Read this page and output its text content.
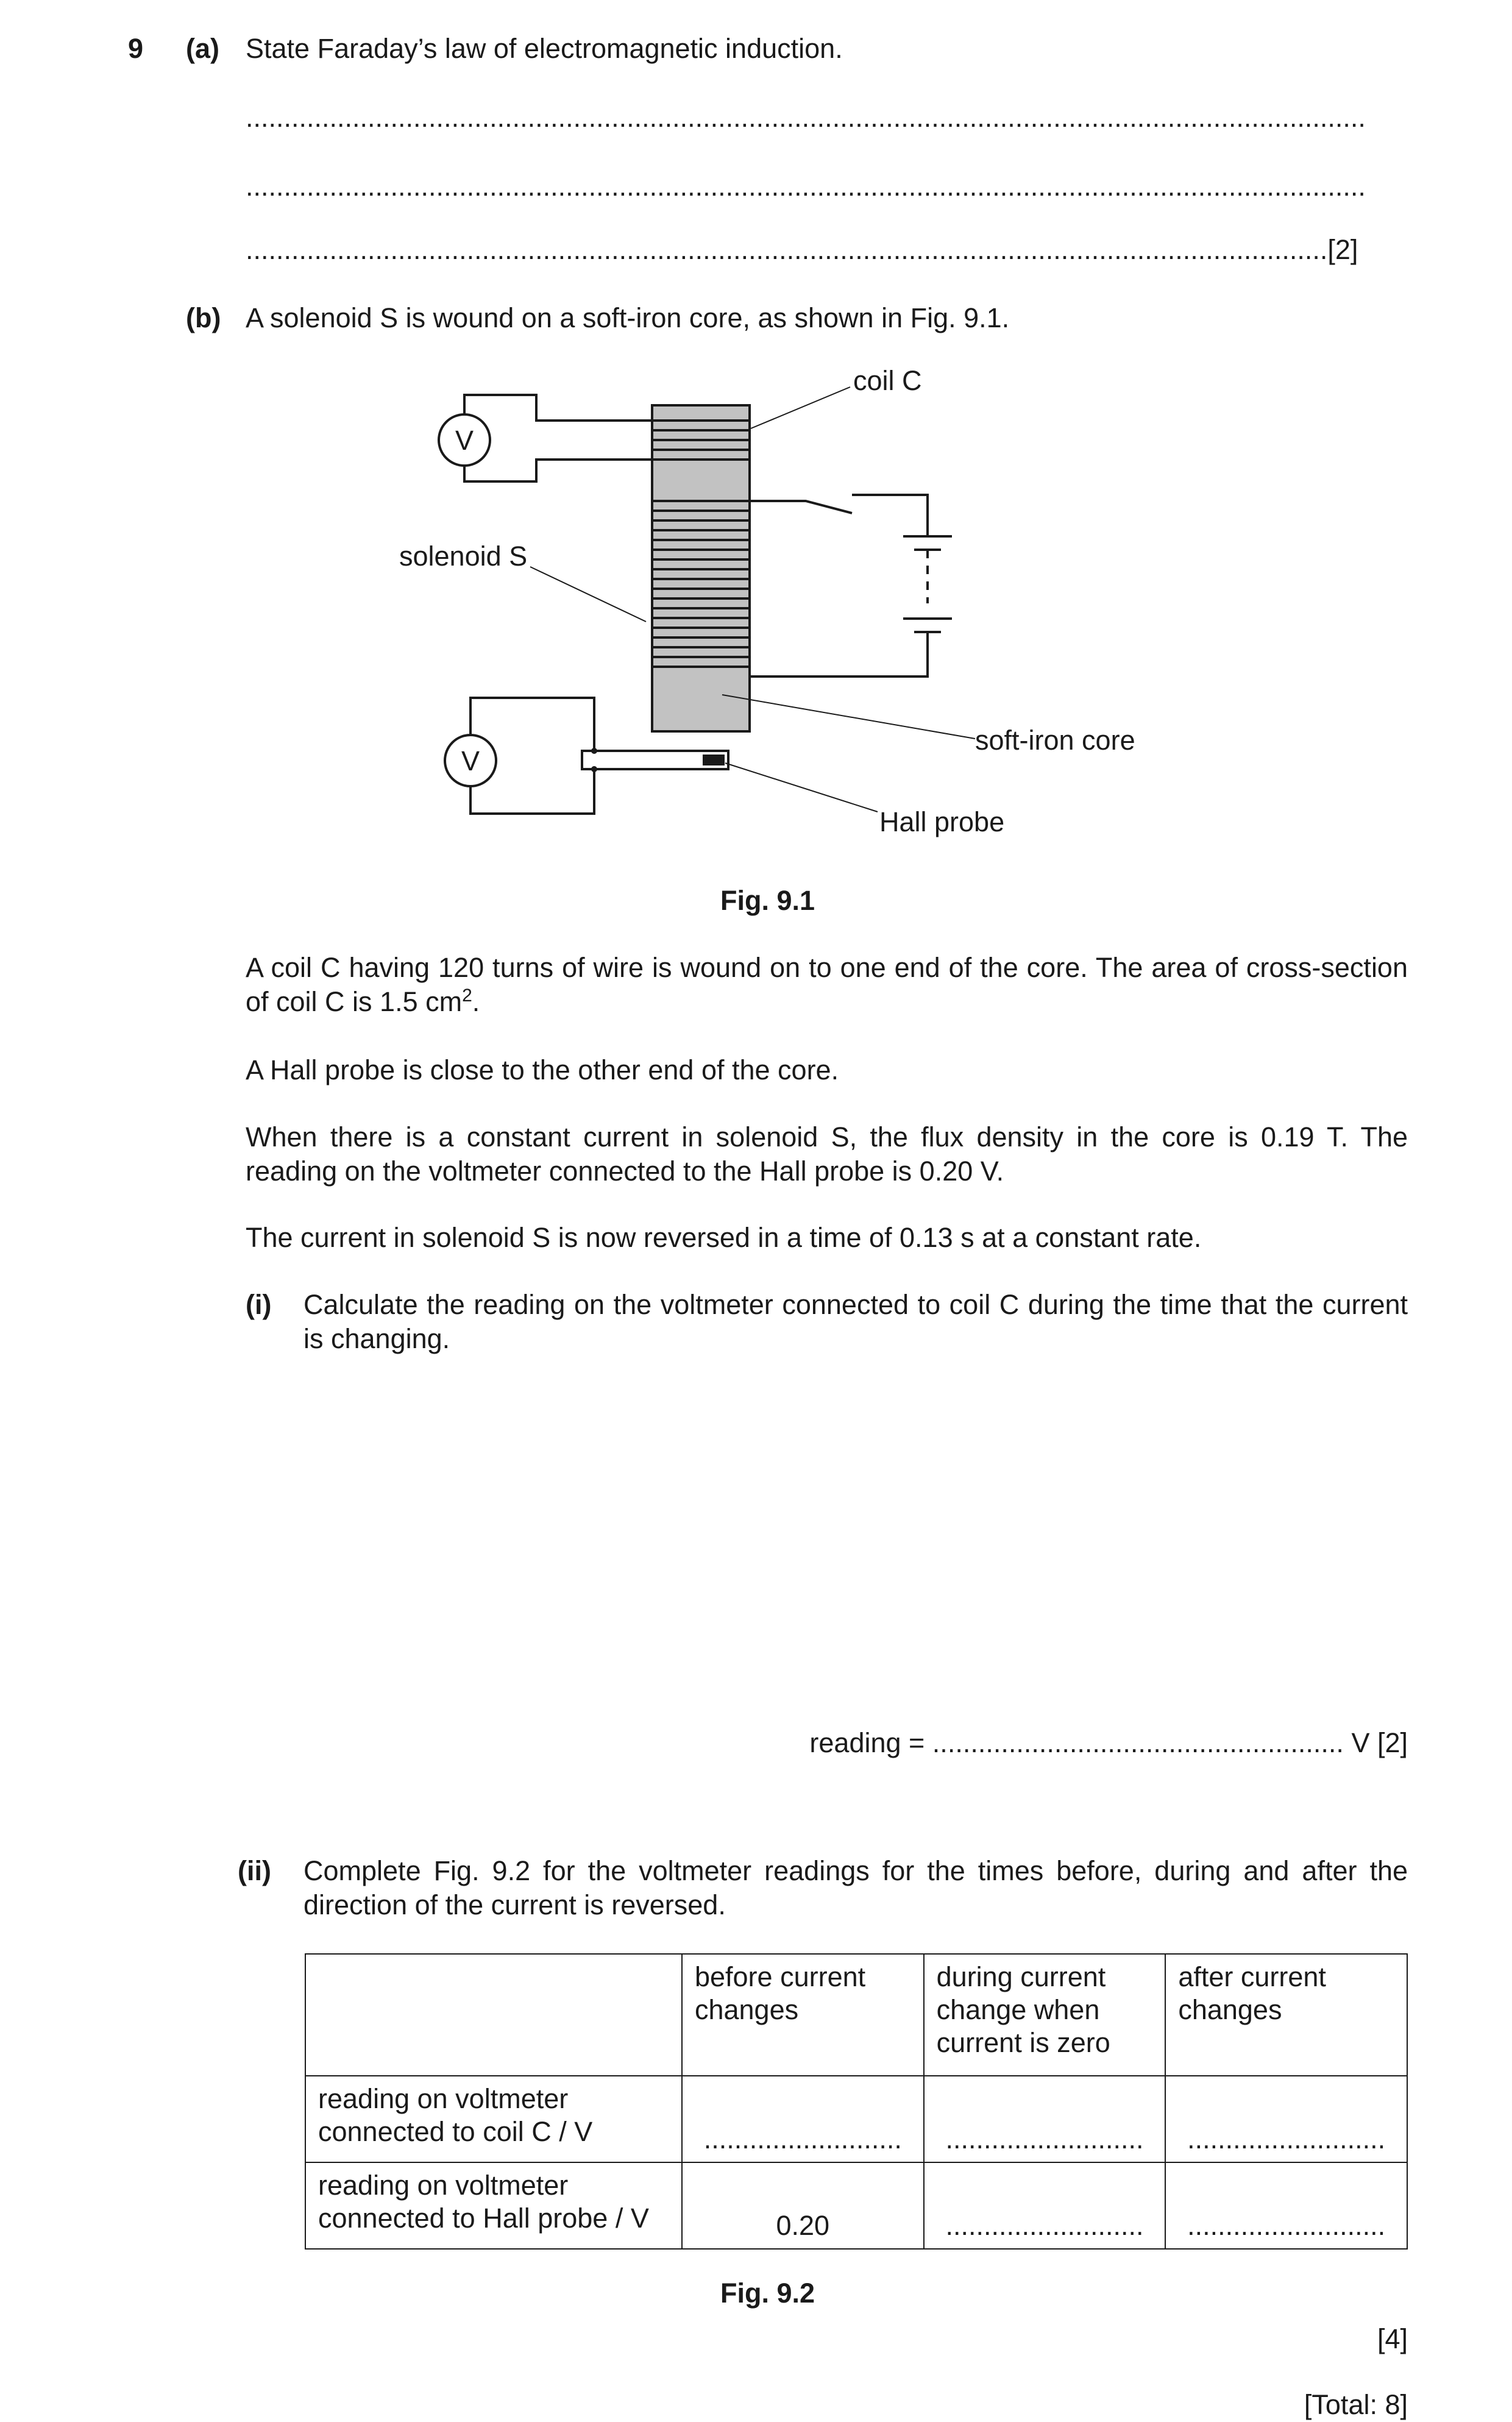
9 (a) State Faraday’s law of electromagnetic induction.
...................................................................................................................................................
...................................................................................................................................................
..............................................................................................................................................[2]
(b) A solenoid S is wound on a soft-iron core, as shown in Fig. 9.1.
V
V
coil C
solenoid S
soft-iron core
Hall probe
Fig. 9.1
A coil C having 120 turns of wire is wound on to one end of the core. The area of cross-section of coil C is 1.5 $cm^2$.
A Hall probe is close to the other end of the core.
When there is a constant current in solenoid S, the flux density in the core is 0.19 T. The reading on the voltmeter connected to the Hall probe is 0.20 V.
The current in solenoid S is now reversed in a time of 0.13 s at a constant rate.
(i) Calculate the reading on the voltmeter connected to coil C during the time that the current is changing.
reading = ...................................................... V [2]
(ii) Complete Fig. 9.2 for the voltmeter readings for the times before, during and after the direction of the current is reversed.
	before current changes	during current change when current is zero	after current changes
reading on voltmeter connected to coil C / V	..........................	..........................	..........................
reading on voltmeter connected to Hall probe / V	0.20	..........................	..........................
Fig. 9.2
[4]
[Total: 8]
